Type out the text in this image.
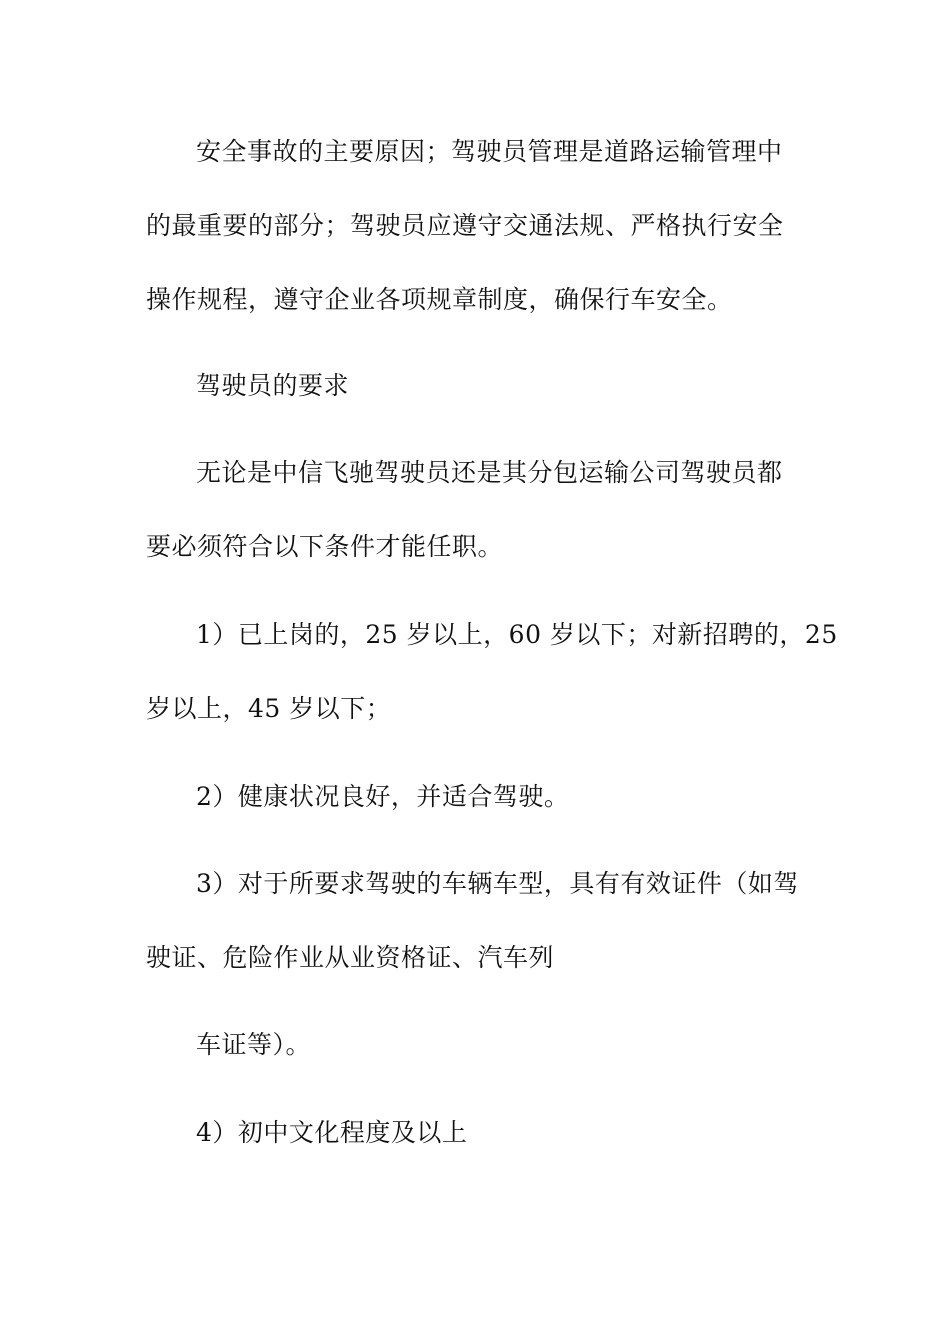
安全事故的主要原因；驾驶员管理是道路运输管理中
的最重要的部分；驾驶员应遵守交通法规、严格执行安全
操作规程，遵守企业各项规章制度，确保行车安全。
驾驶员的要求
无论是中信飞驰驾驶员还是其分包运输公司驾驶员都
要必须符合以下条件才能任职。
1）已上岗的，25 岁以上，60 岁以下；对新招聘的，25
岁以上，45 岁以下；
2）健康状况良好，并适合驾驶。
3）对于所要求驾驶的车辆车型，具有有效证件（如驾
驶证、危险作业从业资格证、汽车列
车证等）。
4）初中文化程度及以上
